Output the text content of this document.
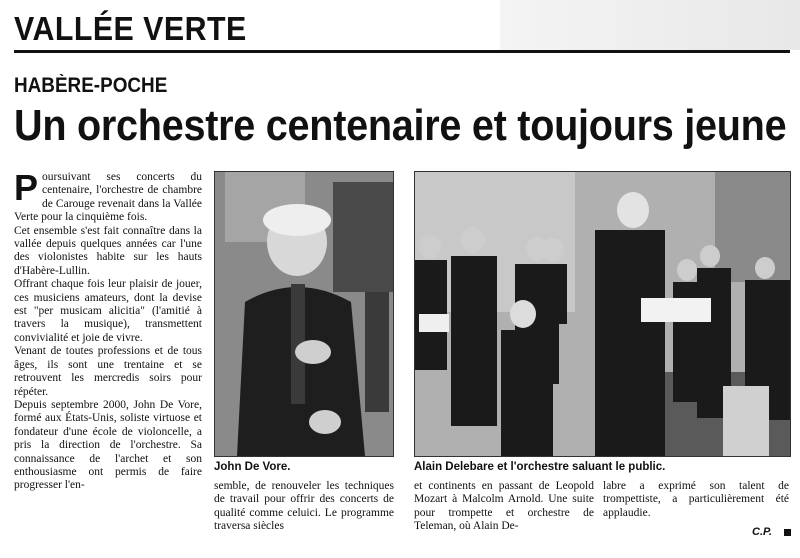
VALLÉE VERTE
HABÈRE-POCHE
Un orchestre centenaire et toujours jeune

Poursuivant ses concerts du centenaire, l'orchestre de chambre de Carouge revenait dans la Vallée Verte pour la cinquième fois.

Cet ensemble s'est fait connaître dans la vallée depuis quelques années car l'une des violonistes habite sur les hauts d'Habère-Lullin.

Offrant chaque fois leur plaisir de jouer, ces musiciens amateurs, dont la devise est "per musicam alicitia" (l'amitié à travers la musique), transmettent convivialité et joie de vivre.

Venant de toutes professions et de tous âges, ils sont une trentaine et se retrouvent les mercredis soirs pour répéter.

Depuis septembre 2000, John De Vore, formé aux États-Unis, soliste virtuose et fondateur d'une école de violoncelle, a pris la direction de l'orchestre. Sa connaissance de l'archet et son enthousiasme ont permis de faire progresser l'en-

John De Vore.	Alain Delebare et l'orchestre saluant le public.
semble, de renouveler les techniques de travail pour offrir des concerts de qualité comme celuici. Le programme traversa siècles
et continents en passant de Leopold Mozart à Malcolm Arnold. Une suite pour trompette et orchestre de Teleman, où Alain De-
labre a exprimé son talent de trompettiste, a particulièrement été applaudie.
C.P.
